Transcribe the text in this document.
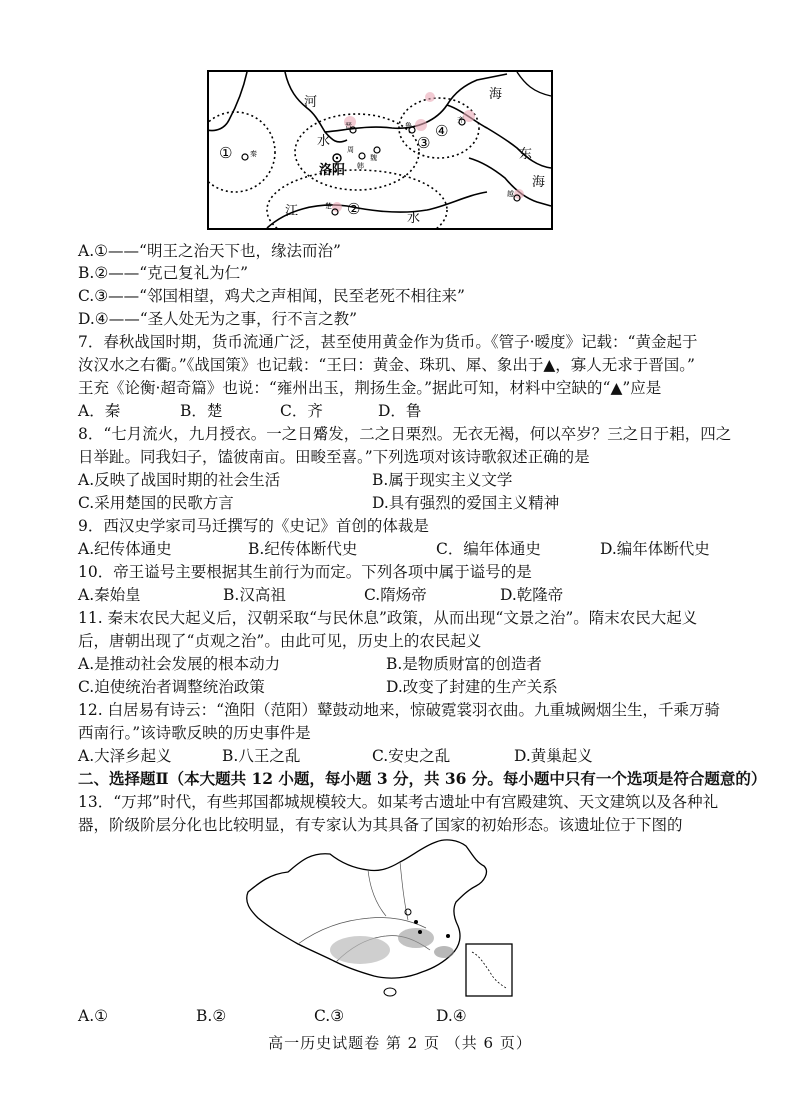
①	秦
河
水
周
洛阳 韩
魏
晋	④
③
齐
鲁
海
东
海
越
江	楚 ②
水
A.①——“明王之治天下也，缘法而治”
B.②——“克己复礼为仁”
C.③——“邻国相望，鸡犬之声相闻，民至老死不相往来”
D.④——“圣人处无为之事，行不言之教”
7．春秋战国时期，货币流通广泛，甚至使用黄金作为货币。《管子·暧度》记载：“黄金起于
汝汉水之右衢。”《战国策》也记载：“王曰：黄金、珠玑、犀、象出于▲，寡人无求于晋国。”
王充《论衡·超奇篇》也说：“雍州出玉，荆扬生金。”据此可知，材料中空缺的“▲”应是
A．秦	B．楚	C．齐	D．鲁
8．“七月流火，九月授衣。一之日觱发，二之日栗烈。无衣无褐，何以卒岁？三之日于耜，四之
日举趾。同我妇子，馌彼南亩。田畯至喜。”下列选项对该诗歌叙述正确的是
A.反映了战国时期的社会生活	B.属于现实主义文学
C.采用楚国的民歌方言	D.具有强烈的爱国主义精神
9．西汉史学家司马迁撰写的《史记》首创的体裁是
A.纪传体通史	B.纪传体断代史	C．编年体通史	D.编年体断代史
10．帝王谥号主要根据其生前行为而定。下列各项中属于谥号的是
A.秦始皇	B.汉高祖	C.隋炀帝	D.乾隆帝
11. 秦末农民大起义后，汉朝采取“与民休息”政策，从而出现“文景之治”。隋末农民大起义
后，唐朝出现了“贞观之治”。由此可见，历史上的农民起义
A.是推动社会发展的根本动力	B.是物质财富的创造者
C.迫使统治者调整统治政策	D.改变了封建的生产关系
12. 白居易有诗云：“渔阳（范阳）鼙鼓动地来，惊破霓裳羽衣曲。九重城阙烟尘生，千乘万骑
西南行。”该诗歌反映的历史事件是
A.大泽乡起义	B.八王之乱	C.安史之乱	D.黄巢起义
二、选择题Ⅱ（本大题共 12 小题，每小题 3 分，共 36 分。每小题中只有一个选项是符合题意的）
13．“万邦”时代，有些邦国都城规模较大。如某考古遗址中有宫殿建筑、天文建筑以及各种礼
器，阶级阶层分化也比较明显，有专家认为其具备了国家的初始形态。该遗址位于下图的
A.①	B.②	C.③	D.④
高一历史试题卷 第 2 页 （共 6 页）
